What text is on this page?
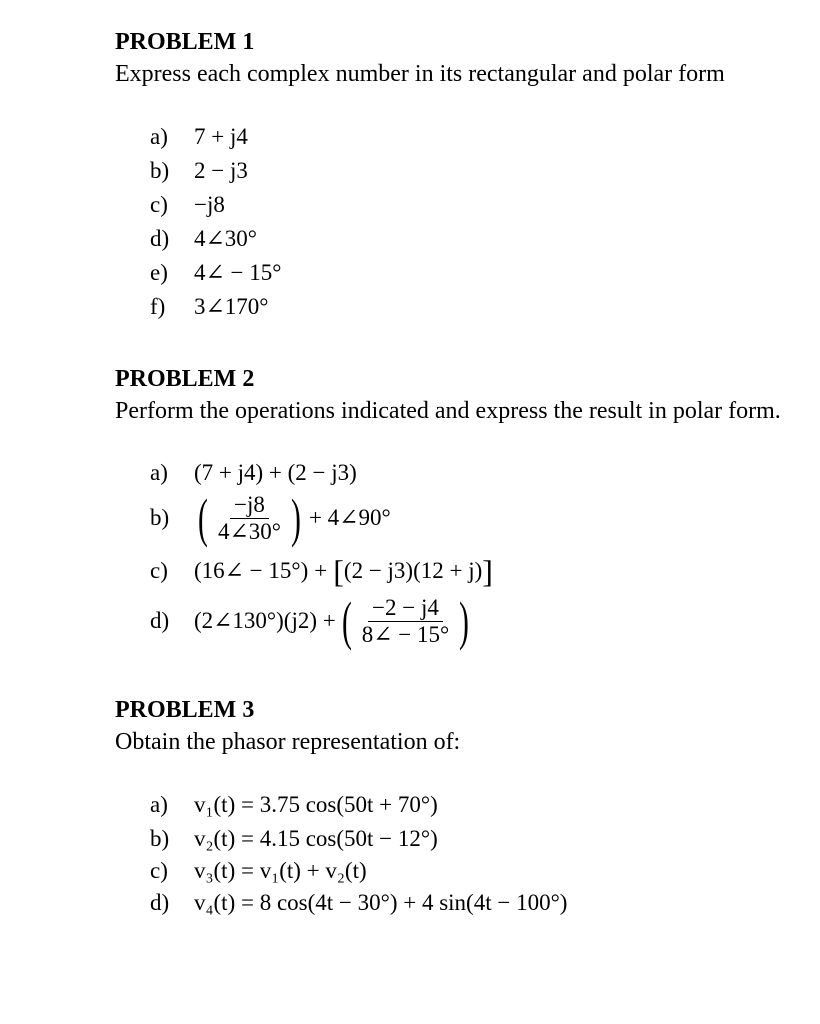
PROBLEM 1
Express each complex number in its rectangular and polar form
a)	7 + j4
b)	2 − j3
c)	−j8
d)	4∠30°
e)	4∠ − 15°
f)	3∠170°
PROBLEM 2
Perform the operations indicated and express the result in polar form.
a)	(7 + j4) + (2 − j3)
b) ( $\frac{-j8}{4\angle 30^\circ}$ ) + 4∠90°
c)	(16∠ − 15°) + [ (2 − j3)(12 + j) ]
d)	(2∠130°)(j2) + ( $\frac{-2 - j4}{8\angle - 15^\circ}$ )
PROBLEM 3
Obtain the phasor representation of:
a)	v₁(t) = 3.75 cos(50t + 70°)
b)	v₂(t) = 4.15 cos(50t − 12°)
c)	v₃(t) = v₁(t) + v₂(t)
d)	v₄(t) = 8 cos(4t − 30°) + 4 sin(4t − 100°)
